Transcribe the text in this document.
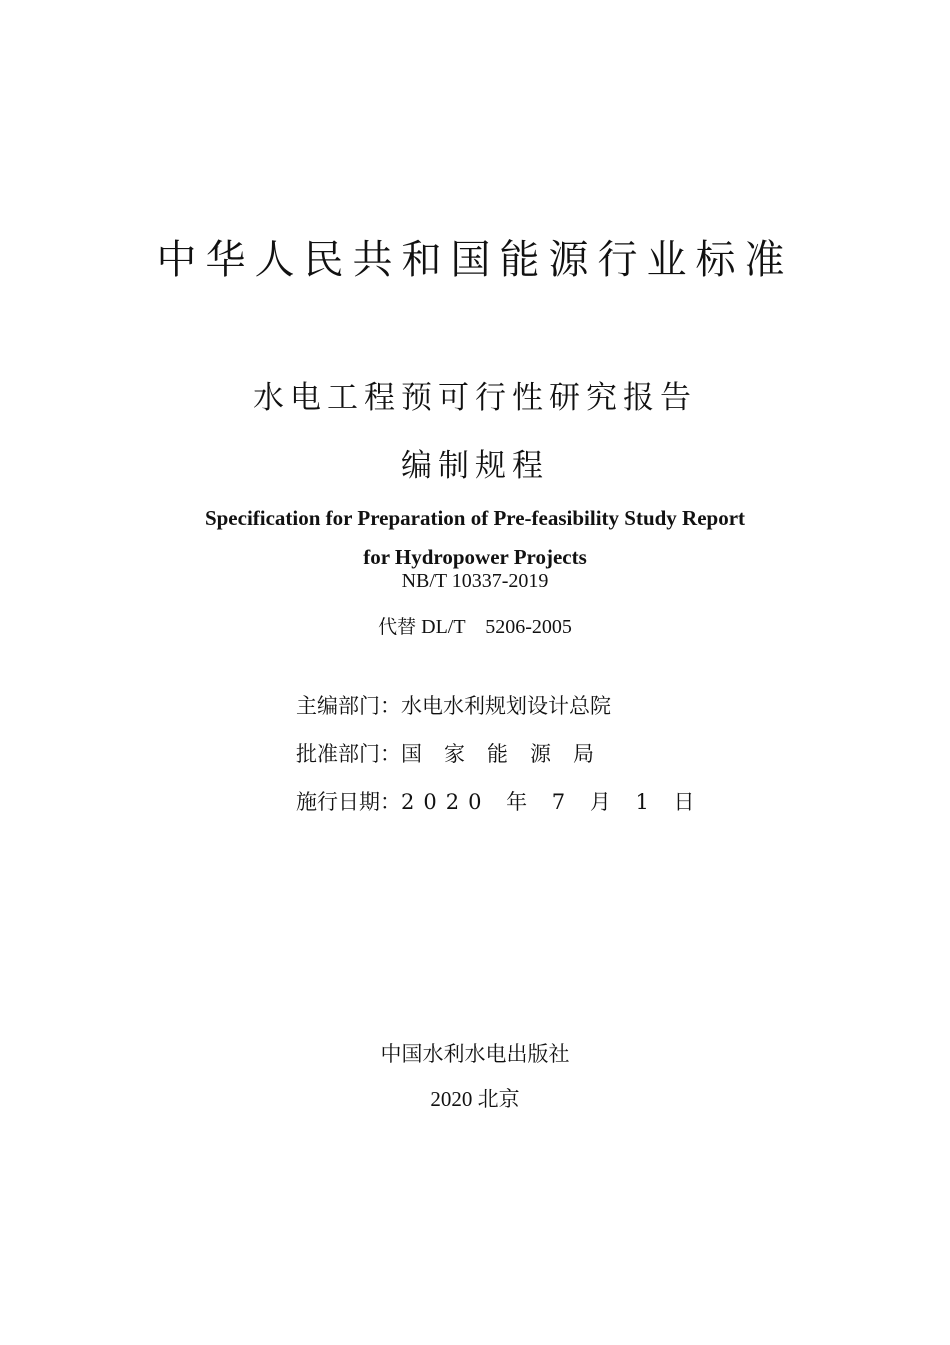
中华人民共和国能源行业标准
水电工程预可行性研究报告
编制规程
Specification for Preparation of Pre-feasibility Study Report
for Hydropower Projects
NB/T 10337-2019
代替 DL/T　5206-2005
主编部门：水电水利规划设计总院
批准部门：国家能源局
施行日期：2020 年 7 月 1 日
中国水利水电出版社
2020 北京
